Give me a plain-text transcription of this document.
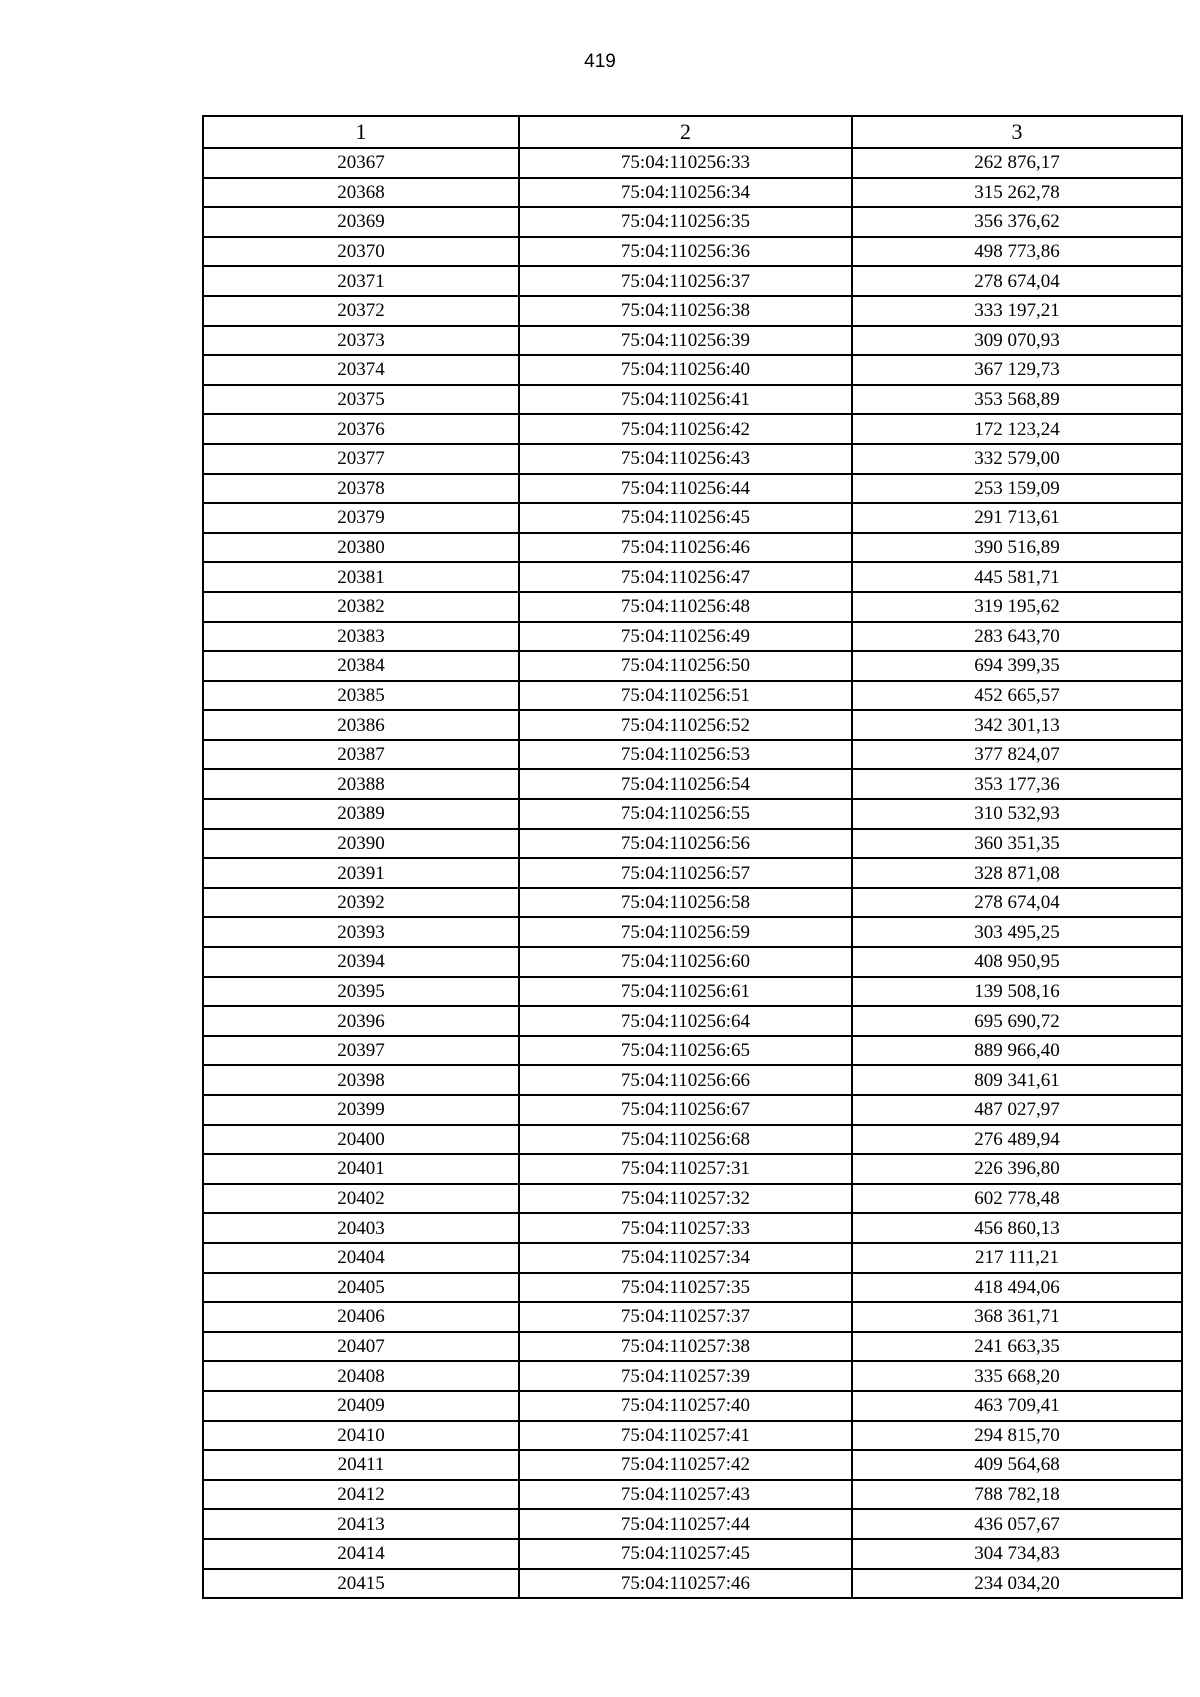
419
1	2	3
20367	75:04:110256:33	262 876,17
20368	75:04:110256:34	315 262,78
20369	75:04:110256:35	356 376,62
20370	75:04:110256:36	498 773,86
20371	75:04:110256:37	278 674,04
20372	75:04:110256:38	333 197,21
20373	75:04:110256:39	309 070,93
20374	75:04:110256:40	367 129,73
20375	75:04:110256:41	353 568,89
20376	75:04:110256:42	172 123,24
20377	75:04:110256:43	332 579,00
20378	75:04:110256:44	253 159,09
20379	75:04:110256:45	291 713,61
20380	75:04:110256:46	390 516,89
20381	75:04:110256:47	445 581,71
20382	75:04:110256:48	319 195,62
20383	75:04:110256:49	283 643,70
20384	75:04:110256:50	694 399,35
20385	75:04:110256:51	452 665,57
20386	75:04:110256:52	342 301,13
20387	75:04:110256:53	377 824,07
20388	75:04:110256:54	353 177,36
20389	75:04:110256:55	310 532,93
20390	75:04:110256:56	360 351,35
20391	75:04:110256:57	328 871,08
20392	75:04:110256:58	278 674,04
20393	75:04:110256:59	303 495,25
20394	75:04:110256:60	408 950,95
20395	75:04:110256:61	139 508,16
20396	75:04:110256:64	695 690,72
20397	75:04:110256:65	889 966,40
20398	75:04:110256:66	809 341,61
20399	75:04:110256:67	487 027,97
20400	75:04:110256:68	276 489,94
20401	75:04:110257:31	226 396,80
20402	75:04:110257:32	602 778,48
20403	75:04:110257:33	456 860,13
20404	75:04:110257:34	217 111,21
20405	75:04:110257:35	418 494,06
20406	75:04:110257:37	368 361,71
20407	75:04:110257:38	241 663,35
20408	75:04:110257:39	335 668,20
20409	75:04:110257:40	463 709,41
20410	75:04:110257:41	294 815,70
20411	75:04:110257:42	409 564,68
20412	75:04:110257:43	788 782,18
20413	75:04:110257:44	436 057,67
20414	75:04:110257:45	304 734,83
20415	75:04:110257:46	234 034,20
